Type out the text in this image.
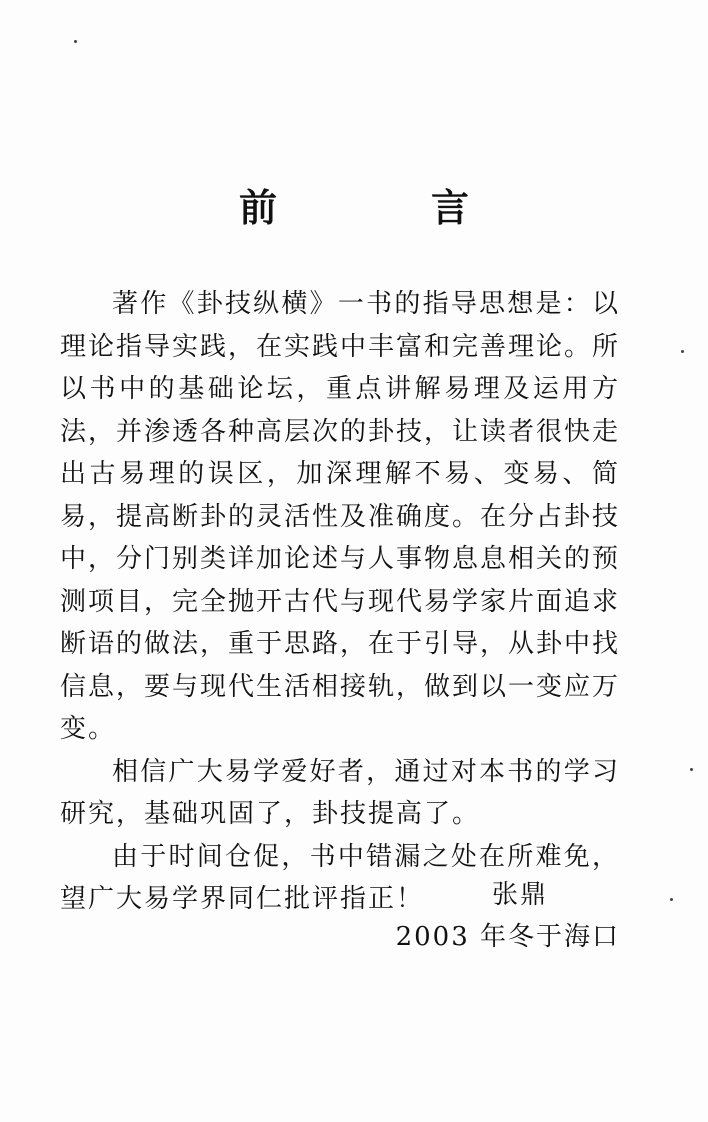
前　言

著作《卦技纵横》一书的指导思想是：以理论指导实践，在实践中丰富和完善理论。所以书中的基础论坛，重点讲解易理及运用方法，并渗透各种高层次的卦技，让读者很快走出古易理的误区，加深理解不易、变易、简易，提高断卦的灵活性及准确度。在分占卦技中，分门别类详加论述与人事物息息相关的预测项目，完全抛开古代与现代易学家片面追求断语的做法，重于思路，在于引导，从卦中找信息，要与现代生活相接轨，做到以一变应万变。

相信广大易学爱好者，通过对本书的学习研究，基础巩固了，卦技提高了。

由于时间仓促，书中错漏之处在所难免，望广大易学界同仁批评指正！	张鼎
2003 年冬于海口
